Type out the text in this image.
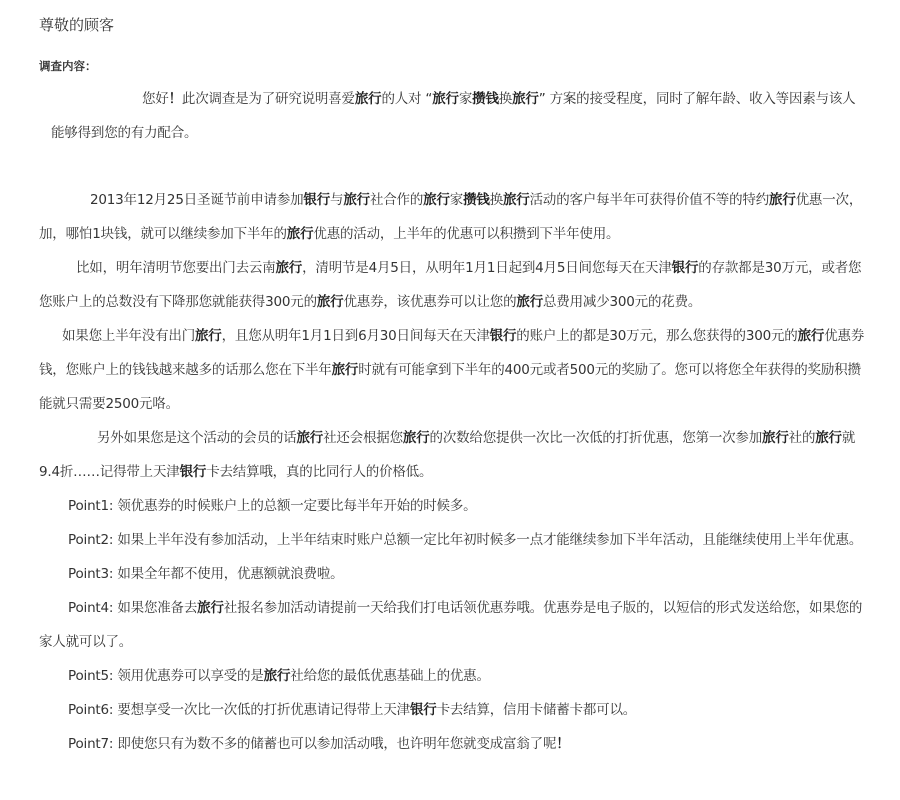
尊敬的顾客
调查内容：
您好！此次调查是为了研究说明喜爱旅行的人对 “旅行家攒钱换旅行” 方案的接受程度，同时了解年龄、收入等因素与该人
能够得到您的有力配合。
2013年12月25日圣诞节前申请参加银行与旅行社合作的旅行家攒钱换旅行活动的客户每半年可获得价值不等的特约旅行优惠一次，
加，哪怕1块钱，就可以继续参加下半年的旅行优惠的活动，上半年的优惠可以积攒到下半年使用。
比如，明年清明节您要出门去云南旅行，清明节是4月5日，从明年1月1日起到4月5日间您每天在天津银行的存款都是30万元，或者您
您账户上的总数没有下降那您就能获得300元的旅行优惠券，该优惠券可以让您的旅行总费用减少300元的花费。
如果您上半年没有出门旅行，且您从明年1月1日到6月30日间每天在天津银行的账户上的都是30万元，那么您获得的300元的旅行优惠券
钱，您账户上的钱钱越来越多的话那么您在下半年旅行时就有可能拿到下半年的400元或者500元的奖励了。您可以将您全年获得的奖励积攒
能就只需要2500元咯。
另外如果您是这个活动的会员的话旅行社还会根据您旅行的次数给您提供一次比一次低的打折优惠，您第一次参加旅行社的旅行就
9.4折……记得带上天津银行卡去结算哦，真的比同行人的价格低。
Point1: 领优惠券的时候账户上的总额一定要比每半年开始的时候多。
Point2: 如果上半年没有参加活动，上半年结束时账户总额一定比年初时候多一点才能继续参加下半年活动，且能继续使用上半年优惠。
Point3: 如果全年都不使用，优惠额就浪费啦。
Point4: 如果您准备去旅行社报名参加活动请提前一天给我们打电话领优惠券哦。优惠券是电子版的，以短信的形式发送给您，如果您的
家人就可以了。
Point5: 领用优惠券可以享受的是旅行社给您的最低优惠基础上的优惠。
Point6: 要想享受一次比一次低的打折优惠请记得带上天津银行卡去结算，信用卡储蓄卡都可以。
Point7: 即使您只有为数不多的储蓄也可以参加活动哦，也许明年您就变成富翁了呢！
